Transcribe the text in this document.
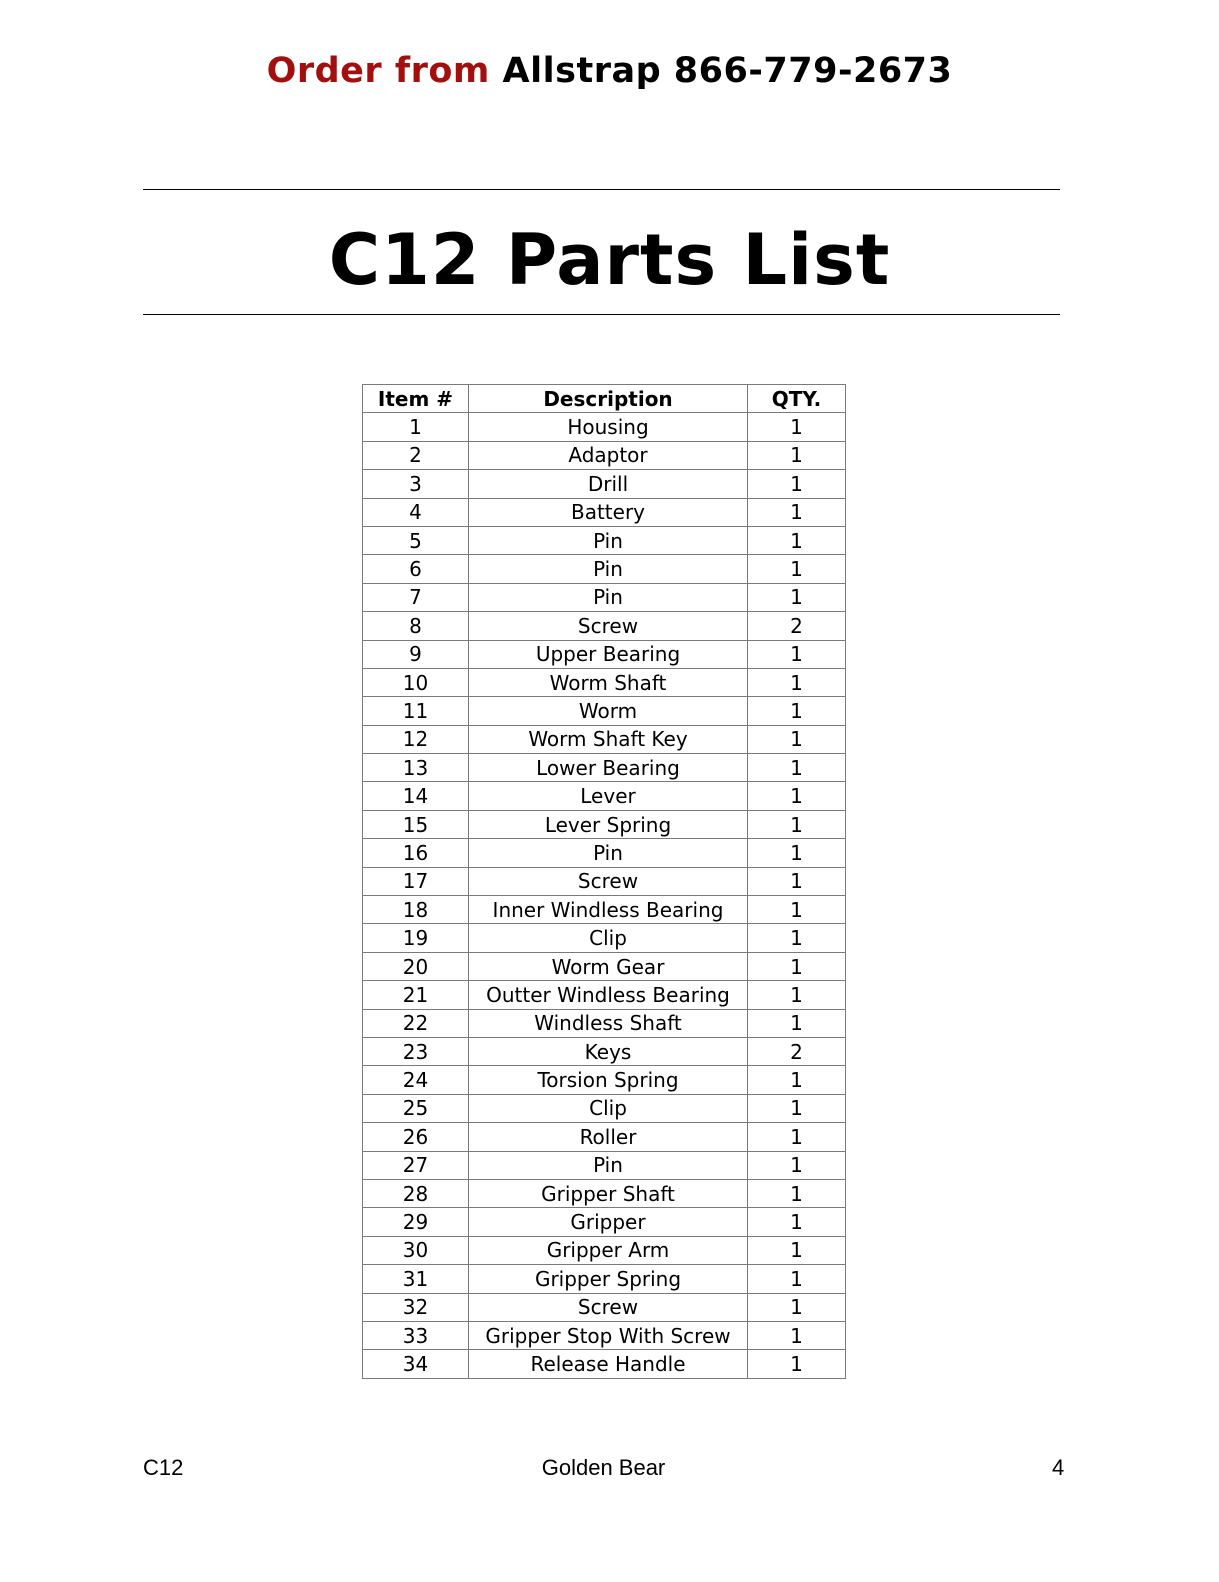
Order from Allstrap 866-779-2673
C12 Parts List
Item #	Description	QTY.
1	Housing	1
2	Adaptor	1
3	Drill	1
4	Battery	1
5	Pin	1
6	Pin	1
7	Pin	1
8	Screw	2
9	Upper Bearing	1
10	Worm Shaft	1
11	Worm	1
12	Worm Shaft Key	1
13	Lower Bearing	1
14	Lever	1
15	Lever Spring	1
16	Pin	1
17	Screw	1
18	Inner Windless Bearing	1
19	Clip	1
20	Worm Gear	1
21	Outter Windless Bearing	1
22	Windless Shaft	1
23	Keys	2
24	Torsion Spring	1
25	Clip	1
26	Roller	1
27	Pin	1
28	Gripper Shaft	1
29	Gripper	1
30	Gripper Arm	1
31	Gripper Spring	1
32	Screw	1
33	Gripper Stop With Screw	1
34	Release Handle	1
C12	Golden Bear	4
